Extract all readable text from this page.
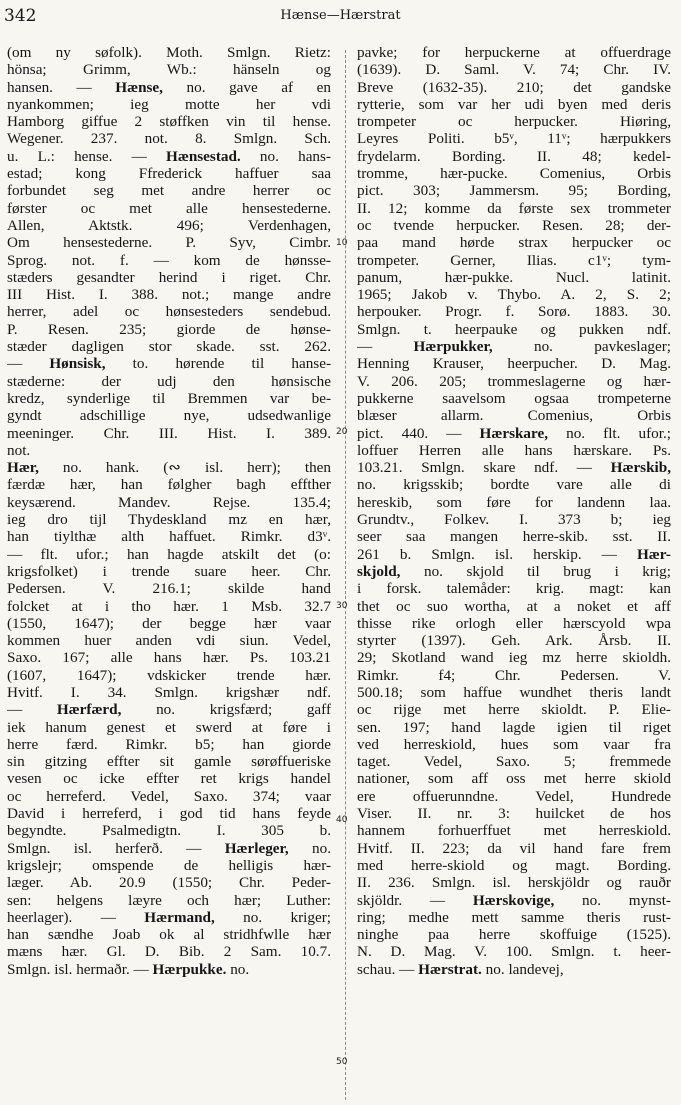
342	Hænse—Hærstrat
(om ny søfolk). Moth. Smlgn. Rietz:
hönsa; Grimm, Wb.: hänseln og
hansen. — Hænse, no. gave af en
nyankommen; ieg motte her vdi
Hamborg giffue 2 støffken vin til hense.
Wegener. 237. not. 8. Smlgn. Sch.
u. L.: hense. — Hænsestad. no. hans-
estad; kong Ffrederick haffuer saa
forbundet seg met andre herrer oc
førster oc met alle hensestederne.
Allen, Aktstk. 496; Verdenhagen,
Om hensestederne. P. Syv, Cimbr.
Sprog. not. f. — kom de hønsse-
stæders gesandter herind i riget. Chr.
III Hist. I. 388. not.; mange andre
herrer, adel oc hønsesteders sendebud.
P. Resen. 235; giorde de hønse-
stæder dagligen stor skade. sst. 262.
— Hønsisk, to. hørende til hanse-
stæderne: der udj den hønsische
kredz, synderlige til Bremmen var be-
gyndt adschillige nye, udsedwanlige
meeninger. Chr. III. Hist. I. 389.
not.
Hær, no. hank. (∾ isl. herr); then
færdæ hær, han følgher bagh effther
keysærend. Mandev. Rejse. 135.4;
ieg dro tijl Thydeskland mz en hær,
han tiylthæ alth haffuet. Rimkr. d3ᵛ.
— flt. ufor.; han hagde atskilt det (o:
krigsfolket) i trende suare heer. Chr.
Pedersen. V. 216.1; skilde hand
folcket at i tho hær. 1 Msb. 32.7
(1550, 1647); der begge hær vaar
kommen huer anden vdi siun. Vedel,
Saxo. 167; alle hans hær. Ps. 103.21
(1607, 1647); vdskicker trende hær.
Hvitf. I. 34. Smlgn. krigshær ndf.
— Hærfærd, no. krigsfærd; gaff
iek hanum genest et swerd at føre i
herre færd. Rimkr. b5; han giorde
sin gitzing effter sit gamle sørøffueriske
vesen oc icke effter ret krigs handel
oc herreferd. Vedel, Saxo. 374; vaar
David i herreferd, i god tid hans feyde
begyndte. Psalmedigtn. I. 305 b.
Smlgn. isl. herferð. — Hærleger, no.
krigslejr; omspende de helligis hær-
læger. Ab. 20.9 (1550; Chr. Peder-
sen: helgens læyre och hær; Luther:
heerlager). — Hærmand, no. kriger;
han sændhe Joab ok al stridhfwlle hær
mæns hær. Gl. D. Bib. 2 Sam. 10.7.
Smlgn. isl. hermaðr. — Hærpukke. no.
pavke; for herpuckerne at offuerdrage
(1639). D. Saml. V. 74; Chr. IV.
Breve (1632-35). 210; det gandske
rytterie, som var her udi byen med deris
trompeter oc herpucker. Hiøring,
Leyres Politi. b5ᵛ, 11ᵛ; hærpukkers
frydelarm. Bording. II. 48; kedel-
tromme, hær-pucke. Comenius, Orbis
pict. 303; Jammersm. 95; Bording,
II. 12; komme da første sex trommeter
oc tvende herpucker. Resen. 28; der-
paa mand hørde strax herpucker oc
trompeter. Gerner, Ilias. c1ᵛ; tym-
panum, hær-pukke. Nucl. latinit.
1965; Jakob v. Thybo. A. 2, S. 2;
herpouker. Progr. f. Sorø. 1883. 30.
Smlgn. t. heerpauke og pukken ndf.
— Hærpukker, no. pavkeslager;
Henning Krauser, heerpucher. D. Mag.
V. 206. 205; trommeslagerne og hær-
pukkerne saavelsom ogsaa trompeterne
blæser allarm. Comenius, Orbis
pict. 440. — Hærskare, no. flt. ufor.;
loffuer Herren alle hans hærskare. Ps.
103.21. Smlgn. skare ndf. — Hærskib,
no. krigsskib; bordte vare alle di
hereskib, som føre for landenn laa.
Grundtv., Folkev. I. 373 b; ieg
seer saa mangen herre-skib. sst. II.
261 b. Smlgn. isl. herskip. — Hær-
skjold, no. skjold til brug i krig;
i forsk. talemåder: krig. magt: kan
thet oc suo wortha, at a noket et aff
thisse rike orlogh eller hærscyold wpa
styrter (1397). Geh. Ark. Årsb. II.
29; Skotland wand ieg mz herre skioldh.
Rimkr. f4; Chr. Pedersen. V.
500.18; som haffue wundhet theris landt
oc rijge met herre skioldt. P. Elie-
sen. 197; hand lagde igien til riget
ved herreskiold, hues som vaar fra
taget. Vedel, Saxo. 5; fremmede
nationer, som aff oss met herre skiold
ere offuerunndne. Vedel, Hundrede
Viser. II. nr. 3: huilcket de hos
hannem forhuerffuet met herreskiold.
Hvitf. II. 223; da vil hand fare frem
med herre-skiold og magt. Bording.
II. 236. Smlgn. isl. herskjöldr og rauðr
skjöldr. — Hærskovige, no. mynst-
ring; medhe mett samme theris rust-
ninghe paa herre skoffuige (1525).
N. D. Mag. V. 100. Smlgn. t. heer-
schau. — Hærstrat. no. landevej,
10
20
30
40
50
